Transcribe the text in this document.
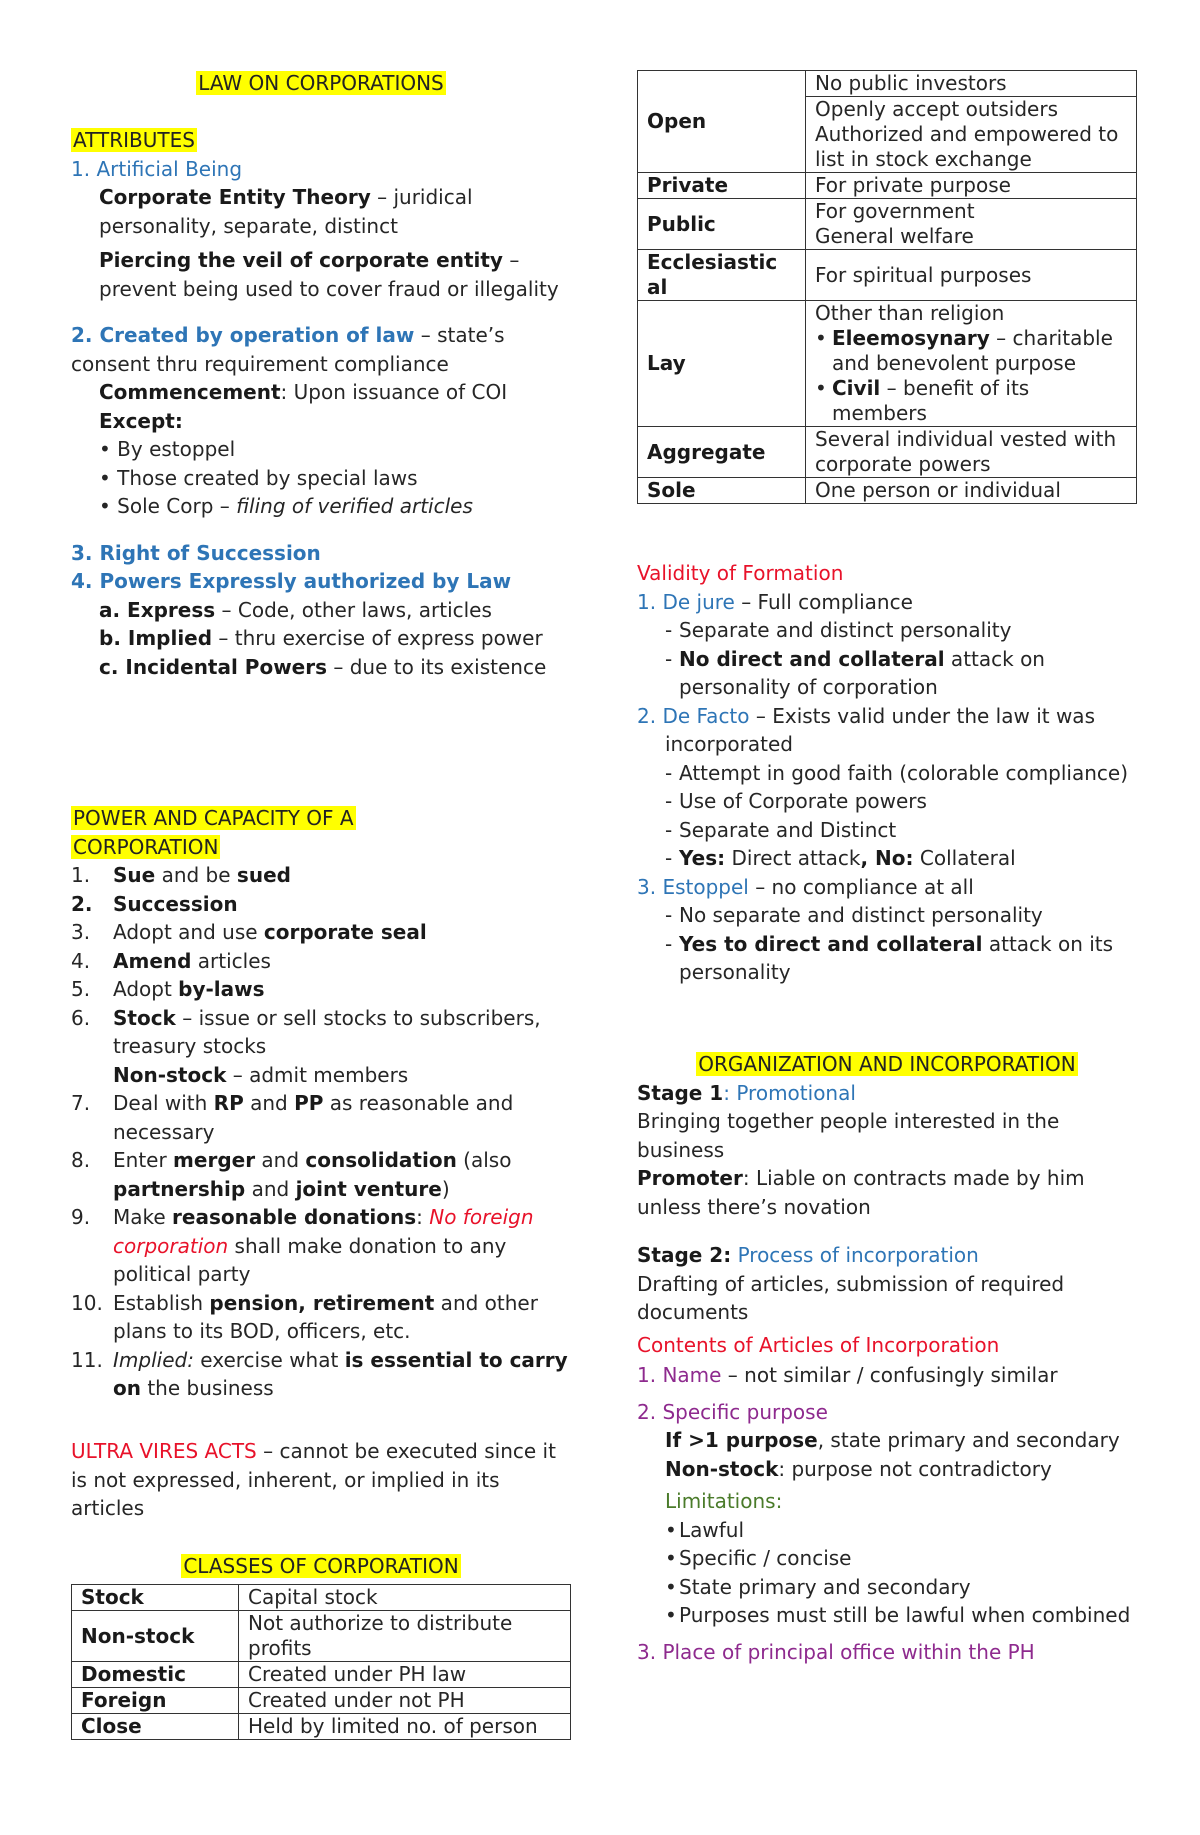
LAW ON CORPORATIONS
ATTRIBUTES
1. Artificial Being
Corporate Entity Theory – juridical personality, separate, distinct
Piercing the veil of corporate entity – prevent being used to cover fraud or illegality
2. Created by operation of law – state’s consent thru requirement compliance
Commencement: Upon issuance of COI
Except:
• By estoppel
• Those created by special laws
• Sole Corp – filing of verified articles
3. Right of Succession
4. Powers Expressly authorized by Law
a. Express – Code, other laws, articles
b. Implied – thru exercise of express power
c. Incidental Powers – due to its existence
POWER AND CAPACITY OF A
CORPORATION
1. Sue and be sued
2. Succession
3. Adopt and use corporate seal
4. Amend articles
5. Adopt by-laws
6. Stock – issue or sell stocks to subscribers, treasury stocks
Non-stock – admit members
7. Deal with RP and PP as reasonable and necessary
8. Enter merger and consolidation (also partnership and joint venture)
9. Make reasonable donations: No foreign corporation shall make donation to any political party
10. Establish pension, retirement and other plans to its BOD, officers, etc.
11. Implied: exercise what is essential to carry on the business
ULTRA VIRES ACTS – cannot be executed since it is not expressed, inherent, or implied in its articles
CLASSES OF CORPORATION
Stock	Capital stock
Non-stock	Not authorize to distribute profits
Domestic	Created under PH law
Foreign	Created under not PH
Close	Held by limited no. of person
Open	No public investors
	Openly accept outsiders
	Authorized and empowered to list in stock exchange
Private	For private purpose
Public	For government
General welfare

Ecclesiastic al	For spiritual purposes
Lay	Other than religion
• Eleemosynary – charitable and benevolent purpose
• Civil – benefit of its members

Aggregate	Several individual vested with corporate powers
Sole	One person or individual
Validity of Formation
1. De jure – Full compliance
- Separate and distinct personality
- No direct and collateral attack on personality of corporation
2. De Facto – Exists valid under the law it was incorporated
- Attempt in good faith (colorable compliance)
- Use of Corporate powers
- Separate and Distinct
- Yes: Direct attack, No: Collateral
3. Estoppel – no compliance at all
- No separate and distinct personality
- Yes to direct and collateral attack on its personality
ORGANIZATION AND INCORPORATION
Stage 1: Promotional
Bringing together people interested in the business
Promoter: Liable on contracts made by him unless there’s novation
Stage 2: Process of incorporation
Drafting of articles, submission of required documents
Contents of Articles of Incorporation
1. Name – not similar / confusingly similar
2. Specific purpose
If >1 purpose, state primary and secondary
Non-stock: purpose not contradictory
Limitations:
• Lawful
• Specific / concise
• State primary and secondary
• Purposes must still be lawful when combined
3. Place of principal office within the PH
